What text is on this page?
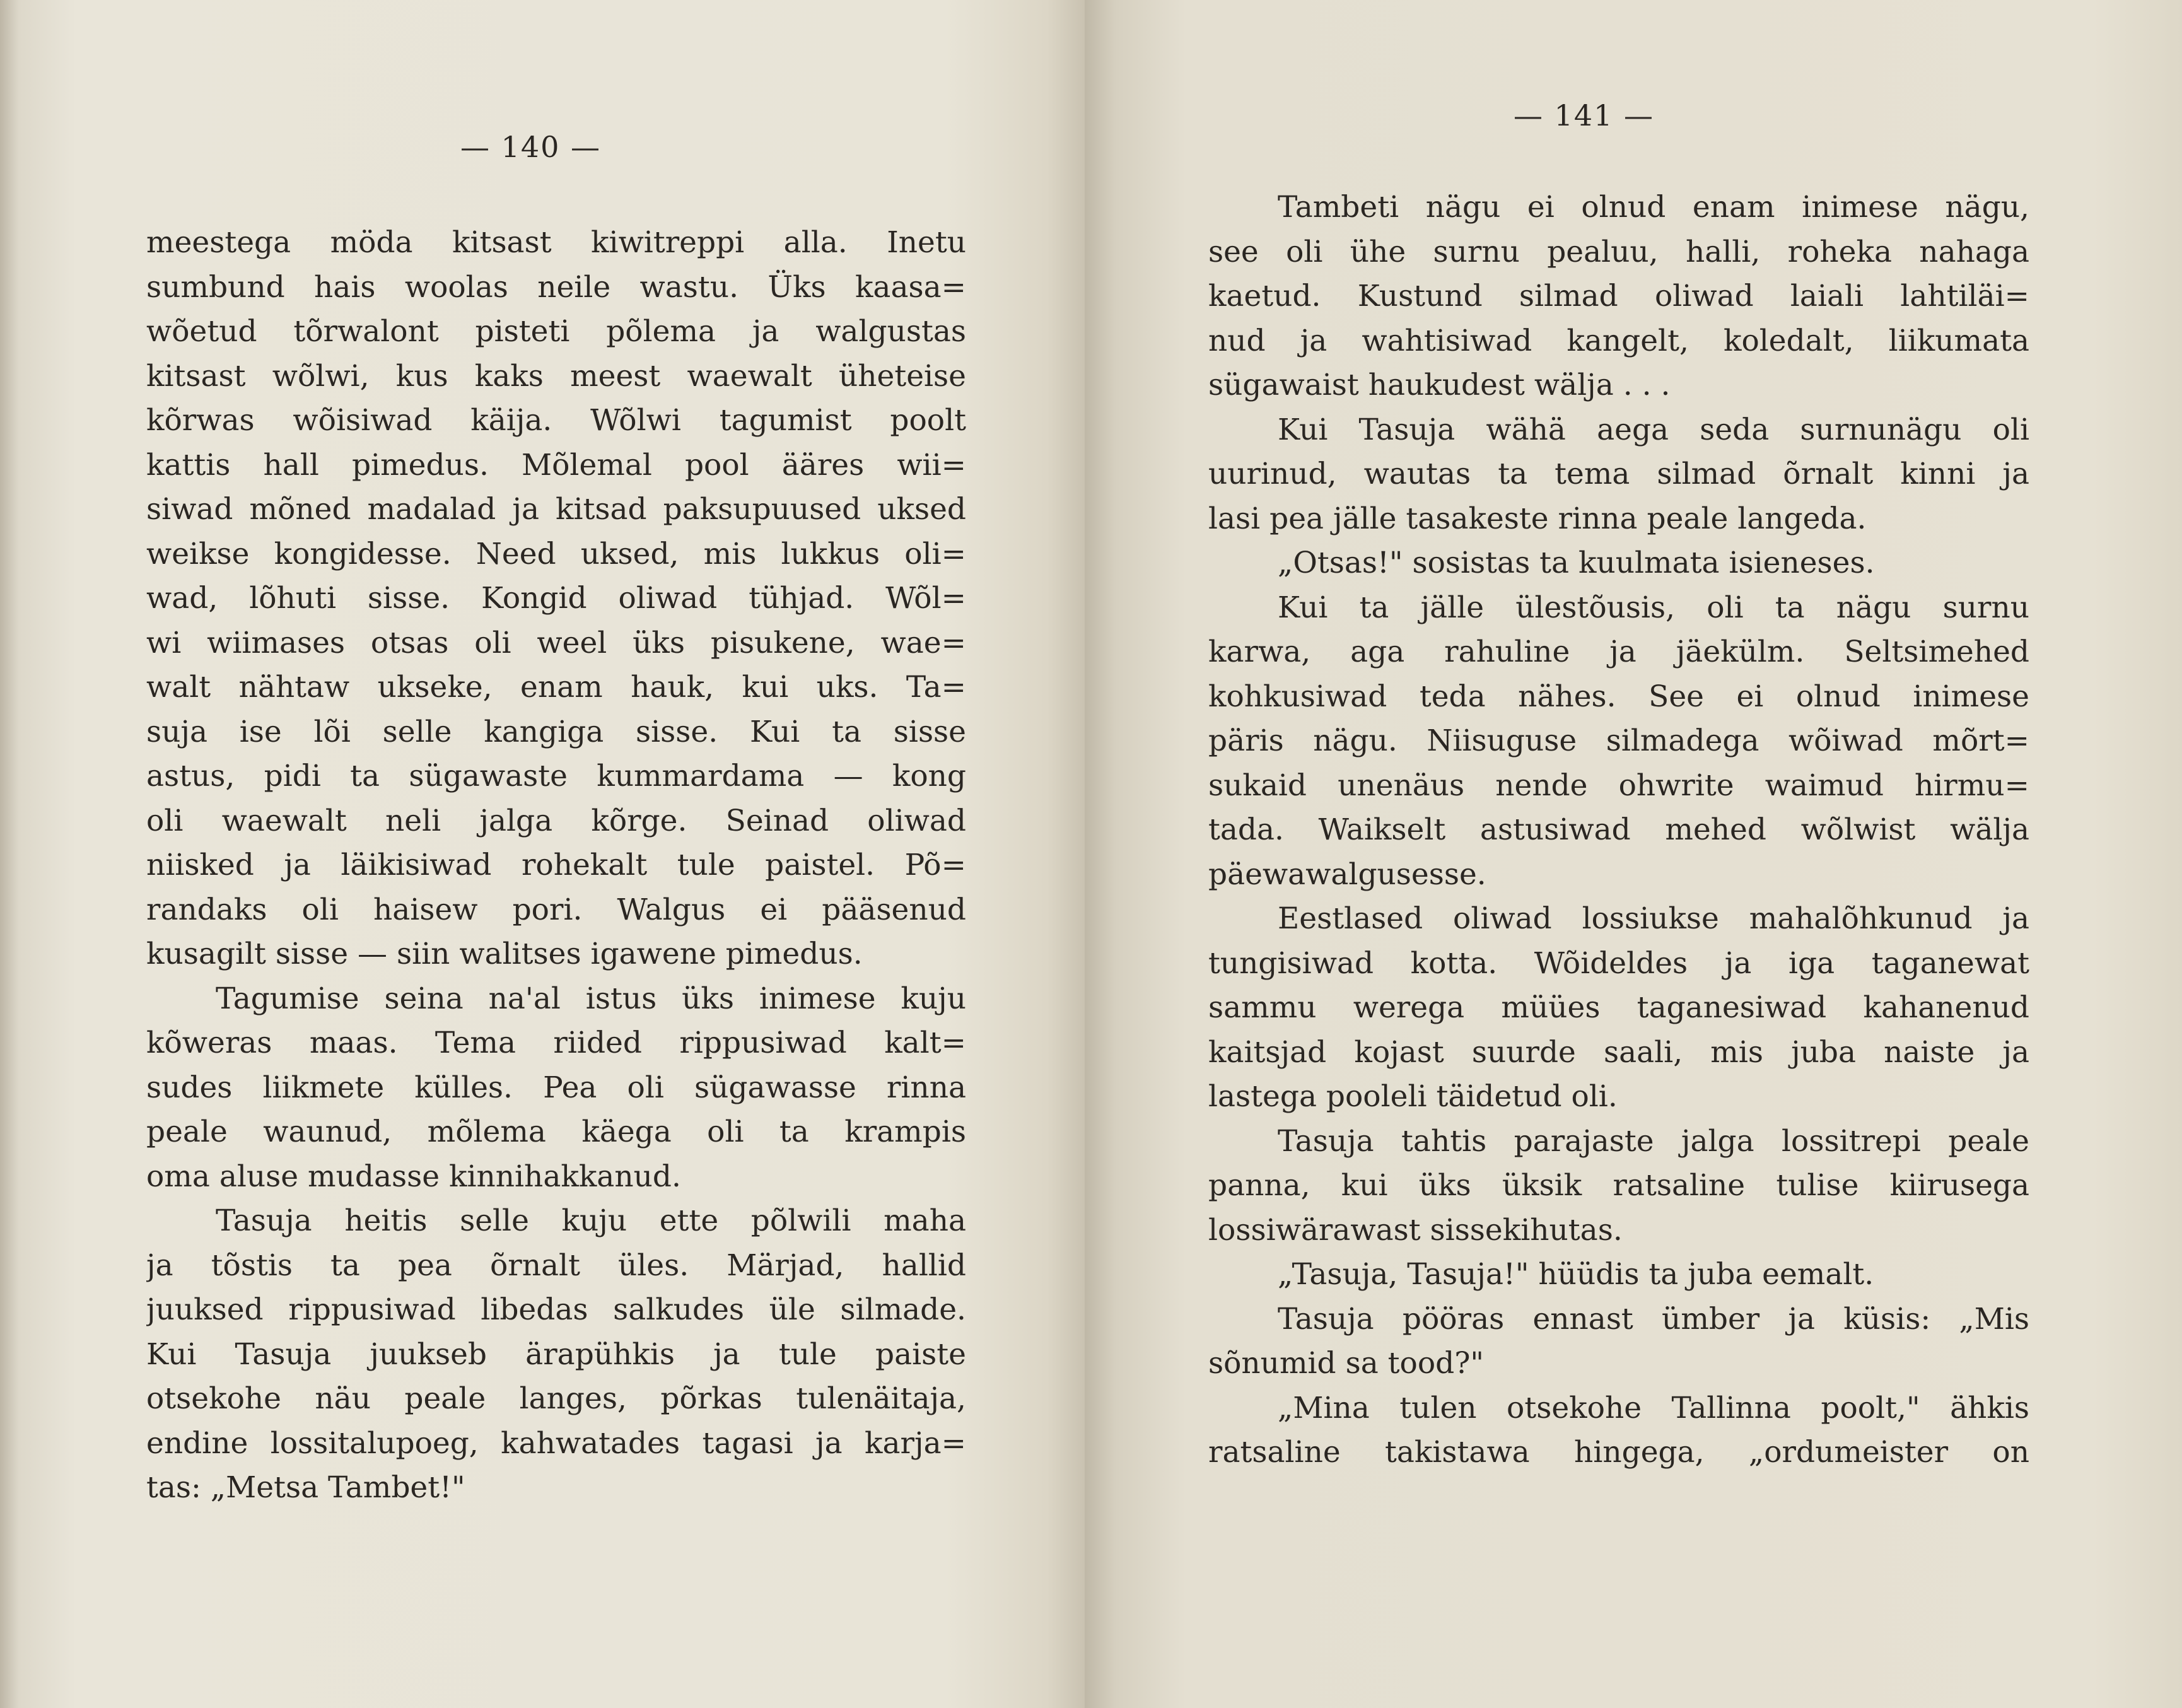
— 140 —
— 141 —
meestega möda kitsast kiwitreppi alla. Inetu
sumbund hais woolas neile wastu. Üks kaasa=
wõetud tõrwalont pisteti põlema ja walgustas
kitsast wõlwi, kus kaks meest waewalt üheteise
kõrwas wõisiwad käija. Wõlwi tagumist poolt
kattis hall pimedus. Mõlemal pool ääres wii=
siwad mõned madalad ja kitsad paksupuused uksed
weikse kongidesse. Need uksed, mis lukkus oli=
wad, lõhuti sisse. Kongid oliwad tühjad. Wõl=
wi wiimases otsas oli weel üks pisukene, wae=
walt nähtaw ukseke, enam hauk, kui uks. Ta=
suja ise lõi selle kangiga sisse. Kui ta sisse
astus, pidi ta sügawaste kummardama — kong
oli waewalt neli jalga kõrge. Seinad oliwad
niisked ja läikisiwad rohekalt tule paistel. Põ=
randaks oli haisew pori. Walgus ei pääsenud
kusagilt sisse — siin walitses igawene pimedus.
Tagumise seina na'al istus üks inimese kuju
kõweras maas. Tema riided rippusiwad kalt=
sudes liikmete külles. Pea oli sügawasse rinna
peale waunud, mõlema käega oli ta krampis
oma aluse mudasse kinnihakkanud.
Tasuja heitis selle kuju ette põlwili maha
ja tõstis ta pea õrnalt üles. Märjad, hallid
juuksed rippusiwad libedas salkudes üle silmade.
Kui Tasuja juukseb ärapühkis ja tule paiste
otsekohe näu peale langes, põrkas tulenäitaja,
endine lossitalupoeg, kahwatades tagasi ja karja=
tas: „Metsa Tambet!"
Tambeti nägu ei olnud enam inimese nägu,
see oli ühe surnu pealuu, halli, roheka nahaga
kaetud. Kustund silmad oliwad laiali lahtiläi=
nud ja wahtisiwad kangelt, koledalt, liikumata
sügawaist haukudest wälja . . .
Kui Tasuja wähä aega seda surnunägu oli
uurinud, wautas ta tema silmad õrnalt kinni ja
lasi pea jälle tasakeste rinna peale langeda.
„Otsas!" sosistas ta kuulmata isieneses.
Kui ta jälle ülestõusis, oli ta nägu surnu
karwa, aga rahuline ja jäekülm. Seltsimehed
kohkusiwad teda nähes. See ei olnud inimese
päris nägu. Niisuguse silmadega wõiwad mõrt=
sukaid unenäus nende ohwrite waimud hirmu=
tada. Waikselt astusiwad mehed wõlwist wälja
päewawalgusesse.
Eestlased oliwad lossiukse mahalõhkunud ja
tungisiwad kotta. Wõideldes ja iga taganewat
sammu werega müües taganesiwad kahanenud
kaitsjad kojast suurde saali, mis juba naiste ja
lastega pooleli täidetud oli.
Tasuja tahtis parajaste jalga lossitrepi peale
panna, kui üks üksik ratsaline tulise kiirusega
lossiwärawast sissekihutas.
„Tasuja, Tasuja!" hüüdis ta juba eemalt.
Tasuja pööras ennast ümber ja küsis: „Mis
sõnumid sa tood?"
„Mina tulen otsekohe Tallinna poolt," ähkis
ratsaline takistawa hingega, „ordumeister on
